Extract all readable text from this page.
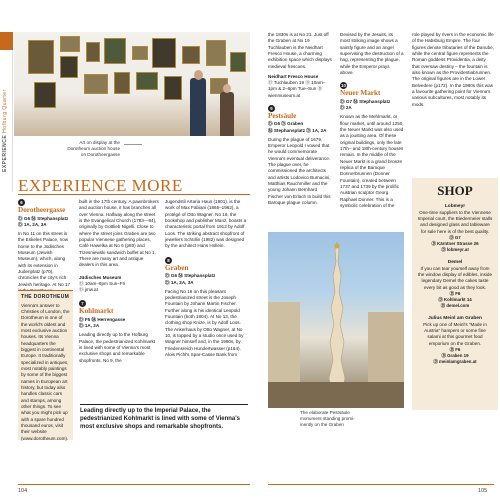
EXPERIENCE Hofburg Quarter
Art on display at the
Dorotheum auction house
on Dorotheergasse
EXPERIENCE MORE
6
Dorotheergasse
Ⓓ G6 Ⓜ Stephansplatz
Ⓓ 1A, 2A, 3A
In No 11 on this street is the Eskeles Palace, now home to the Jüdisches Museum (Jewish Museum), which, along with its extension in Judenplatz (p70), chronicles the city's rich Jewish heritage. At No 17
THE DOROTHEUM
Vienna's answer to Christies of London, the Dorotheum is one of the world's oldest and most exclusive auction houses. Its Vienna headquarters the biggest in continental Europe. It traditionally specialized in antiques, most notably paintings by some of the biggest names in European art history, but today also handles classic cars and stamps, among other things. To see what you might pick up with a spare hundred thousand euros, visit their website (www.dorotheum.com).
built in the 17th century. A pawnbrokers and auction house, it has branches all over Vienna. Halfway along the street is the Evangelical Church (1783—84), originally by Gottlieb Nigelli. Close to where the street joins Graben are two popular Viennese gathering places, Café Hawelka at No 6 (p80) and Trzesniewski sandwich buffet at No 1. There are many art and antique dealers in this area.
Jüdisches Museum
Ⓓ 10am–6pm Sun–Fri
Ⓓ jmw.at
7
Kohlmarkt
Ⓓ F5 Ⓜ Herrengasse
Ⓓ 1A, 2A
Leading directly up to the Hofburg Palace, the pedestrianized Kohlmarkt is lined with some of Vienna's most exclusive shops and remarkable shopfronts. No 9, the
Jugendstil Artaria Haus (1901), is the work of Max Fabiani (1865–1962), a protégé of Otto Wagner. No 16, the bookshop and publisher Manz, boasts a characteristic portal from 1912 by Adolf Loos. The striking abstract shopfront of jewellers Schüllin (1982) was designed by the architect Hans Hollein.
8
Graben
Ⓓ G6 Ⓜ Stephansplatz
Ⓓ 1A, 2A, 3A
Facing No 16 on this pleasant pedestrianized street is the Joseph Fountain by Johann Martin Fischer. Further along is his identical Leopold Fountain (both 1804). At No 13, the clothing shop Knize, is by Adolf Loos. The Ankerhaus by Otto Wagner, at No 10, is topped by a studio once used by Wagner himself and, in the 1980s, by Friedensreich Hundertwasser (p164). Alois Pichl's Spar-Casse Bank from
Leading directly up to the Imperial Palace, the pedestrianized Kohlmarkt is lined with some of Vienna's most exclusive shops and remarkable shopfronts.
the 1830s is at No 21. Just off the Graben at No 19 Tuchlauben is the Neidhart Fresco House, a charming exhibition space which displays medieval frescoes.
Neidhart Fresco House
Ⓓ Tuchlauben 19 Ⓓ 10am–
1pm & 2–6pm Tue–Sun Ⓓ wienmuseum.at
9
Pestsäule
Ⓓ G6 Ⓓ Graben
Ⓜ Stephansplatz Ⓓ 1A, 2A
During the plague of 1679, Emperor Leopold I vowed that he would commemorate Vienna's eventual deliverance. The plague over, he commissioned the architects and artists Lodovico Burnacini, Matthias Rauchmiller and the young Johann Bernhard Fischer von Erlach to build this Baroque plague column.
Devised by the Jesuits, its most striking image shows a saintly figure and an angel supervising the destruction of a hag, representing the plague, while the Emperor prays above.
10
Neuer Markt
Ⓓ G7 Ⓜ Stephansplatz
Ⓓ 2A
Known as the Mehlmarkt, or flour market, until around 1250, the Neuer Markt was also used as a jousting area. Of these original buildings, only the late 17th– and 18th-century houses remain. In the middle of the Neuer Markt is a grand bronze replica of the Baroque Donnerbrunnen (Donner Fountain), created between 1737 and 1739 by the prolific Austrian sculptor Georg Raphael Donner. This is a symbolic celebration of the
role played by rivers in the economic life of the Habsburg Empire. The four figures denote tributaries of the Danube, while the central figure represents the Roman goddess Providentia, a deity that oversaw destiny – the fountain is also known as the Providentiabrunnen. The original figures are in the Lower Belvedere (p172). In the 1980s this was a favourite gathering point for Vienna's various subcultures, most notably its mods.
The elaborate Pestsäule
monument standing promi-
inently on the Graben
SHOP
Lobmeyr
One-time suppliers to the Viennese Imperial court, the Biedermeier stalls and designed glass and tableware for sale here is of the best quality.
Ⓓ G7
Ⓓ Kärntner Strasse 26
Ⓓ lobmeyr.at
Demel
If you can tear yourself away from the window display of edibles, inside legendary Demel the cakes taste every bit as good as they look.
Ⓓ F6
Ⓓ Kohlmarkt 14
Ⓓ demel.com
Julius Meinl am Graben
Pick up one of Meinl's "Made in Austria" hampers or some fine salami at this gourmet food emporium on the Graben.
Ⓓ F6
Ⓓ Graben 19
Ⓓ meinlamgraben.at
104	105
